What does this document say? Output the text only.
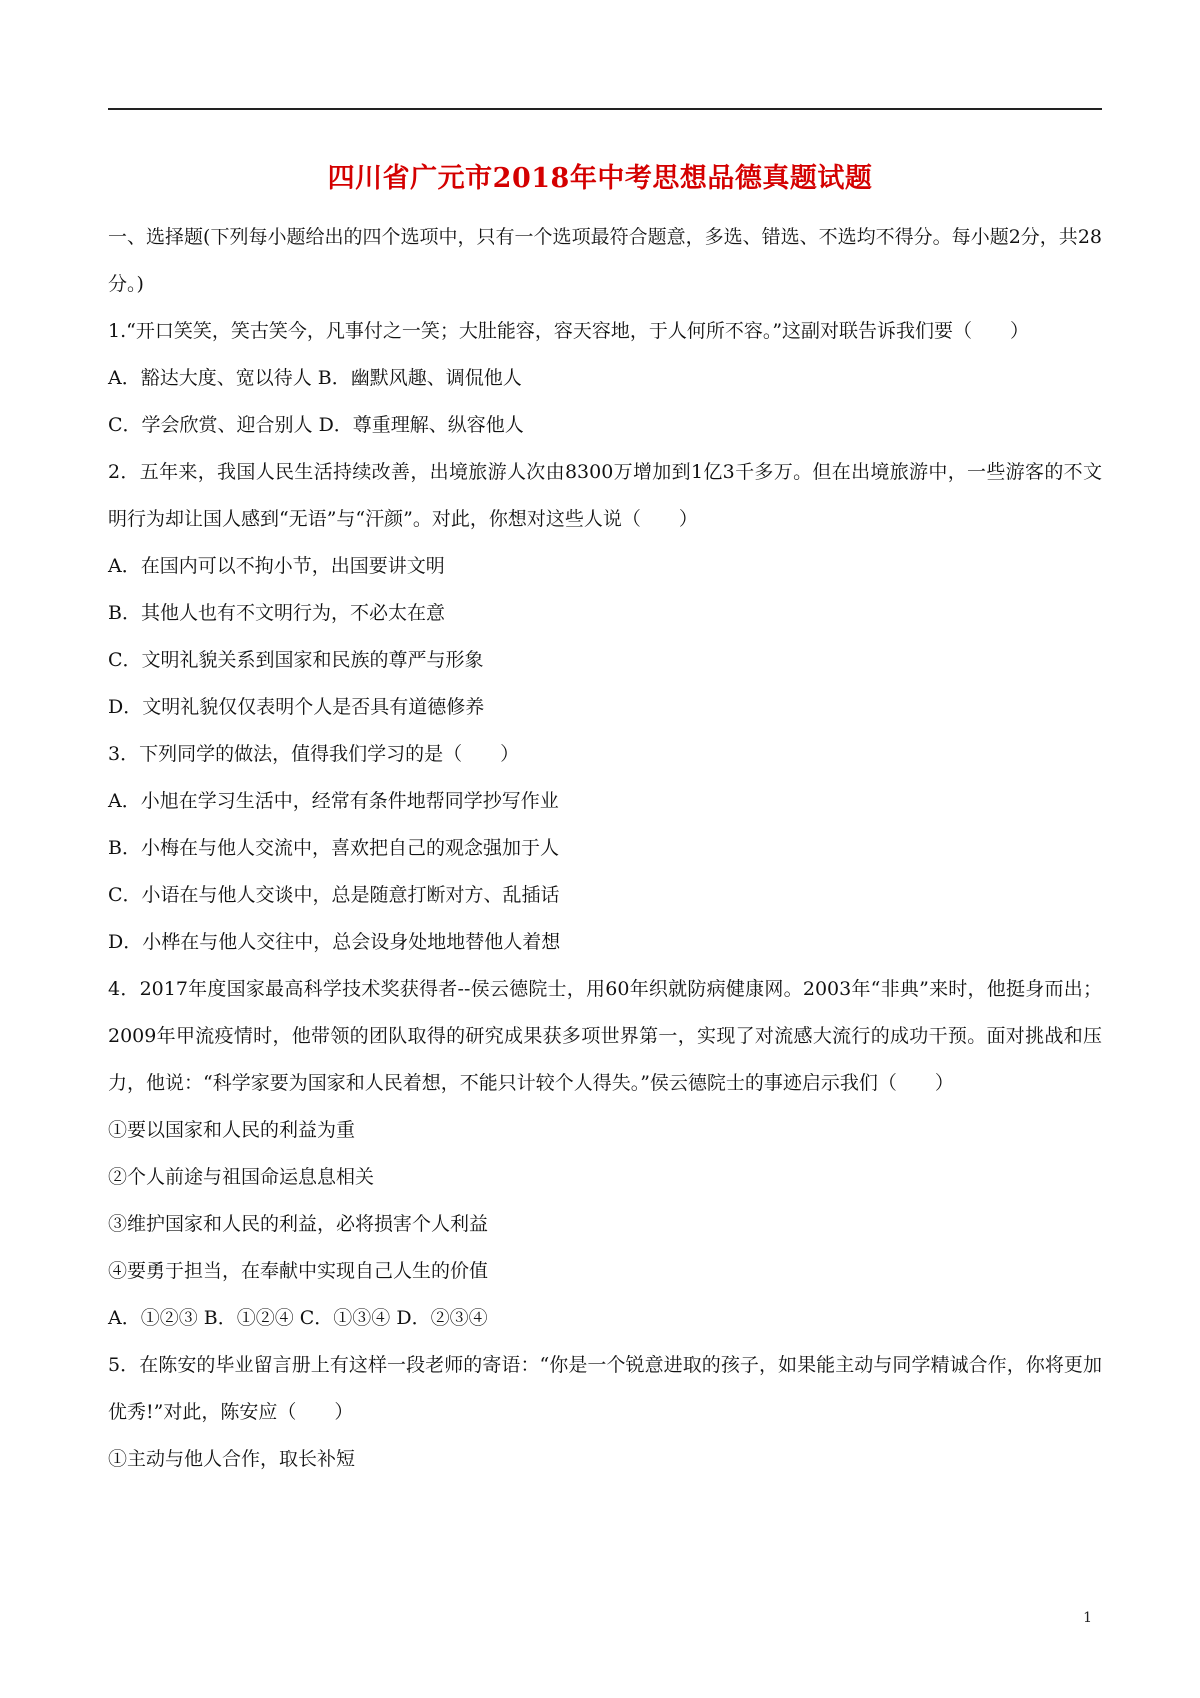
四川省广元市2018年中考思想品德真题试题

一、选择题(下列每小题给出的四个选项中，只有一个选项最符合题意，多选、错选、不选均不得分。每小题2分，共28分。)

1.“开口笑笑，笑古笑今，凡事付之一笑；大肚能容，容天容地，于人何所不容。”这副对联告诉我们要（　　）

A．豁达大度、宽以待人 B．幽默风趣、调侃他人

C．学会欣赏、迎合别人 D．尊重理解、纵容他人

2．五年来，我国人民生活持续改善，出境旅游人次由8300万增加到1亿3千多万。但在出境旅游中，一些游客的不文明行为却让国人感到“无语”与“汗颜”。对此，你想对这些人说（　　）

A．在国内可以不拘小节，出国要讲文明

B．其他人也有不文明行为，不必太在意

C．文明礼貌关系到国家和民族的尊严与形象

D．文明礼貌仅仅表明个人是否具有道德修养

3．下列同学的做法，值得我们学习的是（　　）

A．小旭在学习生活中，经常有条件地帮同学抄写作业

B．小梅在与他人交流中，喜欢把自己的观念强加于人

C．小语在与他人交谈中，总是随意打断对方、乱插话

D．小桦在与他人交往中，总会设身处地地替他人着想

4．2017年度国家最高科学技术奖获得者--侯云德院士，用60年织就防病健康网。2003年“非典”来时，他挺身而出；2009年甲流疫情时，他带领的团队取得的研究成果获多项世界第一，实现了对流感大流行的成功干预。面对挑战和压力，他说：“科学家要为国家和人民着想，不能只计较个人得失。”侯云德院士的事迹启示我们（　　）

①要以国家和人民的利益为重

②个人前途与祖国命运息息相关

③维护国家和人民的利益，必将损害个人利益

④要勇于担当，在奉献中实现自己人生的价值

A．①②③ B．①②④ C．①③④ D．②③④

5．在陈安的毕业留言册上有这样一段老师的寄语：“你是一个锐意进取的孩子，如果能主动与同学精诚合作，你将更加优秀!”对此，陈安应（　　）

①主动与他人合作，取长补短

1
